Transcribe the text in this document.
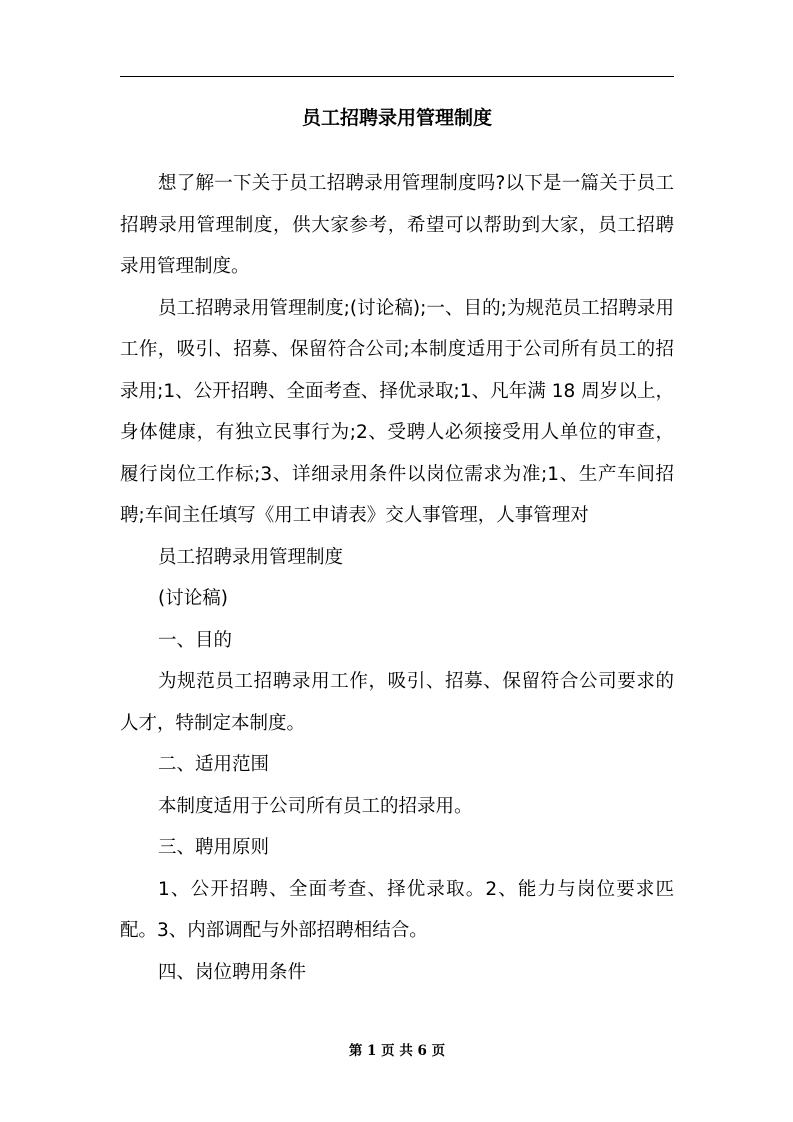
员工招聘录用管理制度

想了解一下关于员工招聘录用管理制度吗?以下是一篇关于员工招聘录用管理制度，供大家参考，希望可以帮助到大家，员工招聘录用管理制度。

员工招聘录用管理制度;(讨论稿);一、目的;为规范员工招聘录用工作，吸引、招募、保留符合公司;本制度适用于公司所有员工的招录用;1、公开招聘、全面考查、择优录取;1、凡年满 18 周岁以上，身体健康，有独立民事行为;2、受聘人必须接受用人单位的审查，履行岗位工作标;3、详细录用条件以岗位需求为准;1、生产车间招聘;车间主任填写《用工申请表》交人事管理，人事管理对

员工招聘录用管理制度

(讨论稿)

一、目的

为规范员工招聘录用工作，吸引、招募、保留符合公司要求的人才，特制定本制度。

二、适用范围

本制度适用于公司所有员工的招录用。

三、聘用原则

1、公开招聘、全面考查、择优录取。2、能力与岗位要求匹配。3、内部调配与外部招聘相结合。

四、岗位聘用条件

第 1 页 共 6 页
